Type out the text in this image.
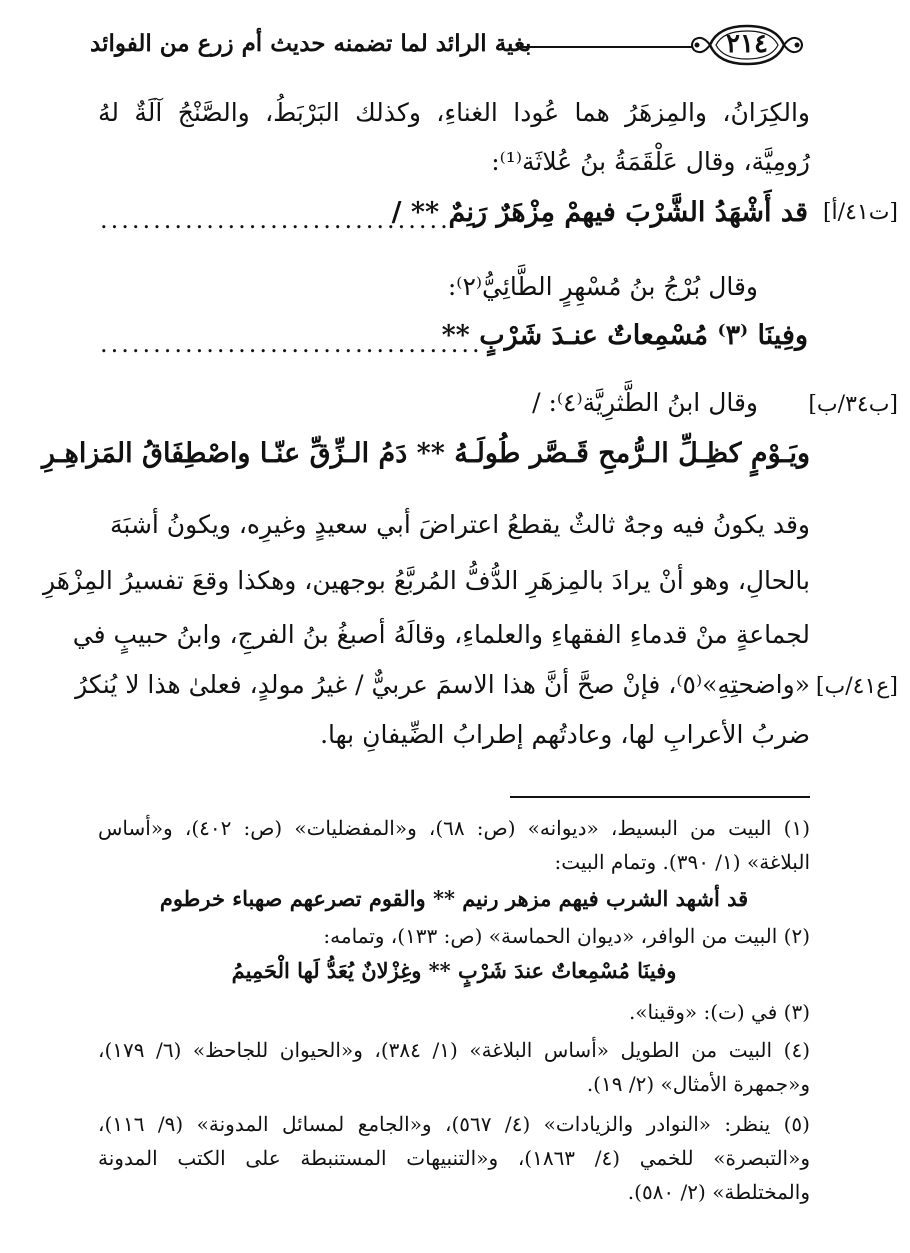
بغية الرائد لما تضمنه حديث أم زرع من الفوائد	٢١٤
والكِرَانُ، والمِزهَرُ هما عُودا الغناءِ، وكذلك البَرْبَطُ، والصَّنْجُ آلَةٌ لهُ
رُومِيَّة، وقال عَلْقَمَةُ بنُ عُلاثَة⁽¹⁾:
[ت٤١/أ]
قد أَشْهَدُ الشَّرْبَ فيهمْ مِزْهَرٌ رَنِمٌ ** /
.................................
وقال بُرْجُ بنُ مُسْهِرٍ الطَّائِيُّ⁽٢⁾:
وفِينَا ⁽٣⁾ مُسْمِعاتٌ عنـدَ شَرْبٍ **
....................................
[ب٣٤/ب]
وقال ابنُ الطَّثرِيَّة⁽٤⁾: /
ويَـوْمٍ كظِـلِّ الـرُّمحِ قَـصَّر طُولَـهُ ** دَمُ الـزِّقِّ عنّـا واصْطِفَاقُ المَزاهِـرِ
وقد يكونُ فيه وجهٌ ثالثٌ يقطعُ اعتراضَ أبي سعيدٍ وغيرِه، ويكونُ أشبَهَ
بالحالِ، وهو أنْ يرادَ بالمِزهَرِ الدُّفُّ المُربَّعُ بوجهين، وهكذا وقعَ تفسيرُ المِزْهَرِ
لجماعةٍ منْ قدماءِ الفقهاءِ والعلماءِ، وقالَهُ أصبغُ بنُ الفرجِ، وابنُ حبيبٍ في
[ع٤١/ب]
«واضحتِهِ»⁽٥⁾، فإنْ صحَّ أنَّ هذا الاسمَ عربيٌّ / غيرُ مولدٍ، فعلىٰ هذا لا يُنكرُ
ضربُ الأعرابِ لها، وعادتُهم إطرابُ الضِّيفانِ بها.
(١) البيت من البسيط، «ديوانه» (ص: ٦٨)، و«المفضليات» (ص: ٤٠٢)، و«أساس
البلاغة» (١/ ٣٩٠). وتمام البيت:
قد أشهد الشرب فيهم مزهر رنيم ** والقوم تصرعهم صهباء خرطوم
(٢) البيت من الوافر، «ديوان الحماسة» (ص: ١٣٣)، وتمامه:
وفينَا مُسْمِعاتٌ عندَ شَرْبٍ ** وغِزْلانٌ يُعَدُّ لَها الْحَمِيمُ
(٣) في (ت): «وقينا».
(٤) البيت من الطويل «أساس البلاغة» (١/ ٣٨٤)، و«الحيوان للجاحظ» (٦/ ١٧٩)،
و«جمهرة الأمثال» (٢/ ١٩).
(٥) ينظر: «النوادر والزيادات» (٤/ ٥٦٧)، و«الجامع لمسائل المدونة» (٩/ ١١٦)،
و«التبصرة» للخمي (٤/ ١٨٦٣)، و«التنبيهات المستنبطة على الكتب المدونة
والمختلطة» (٢/ ٥٨٠).
